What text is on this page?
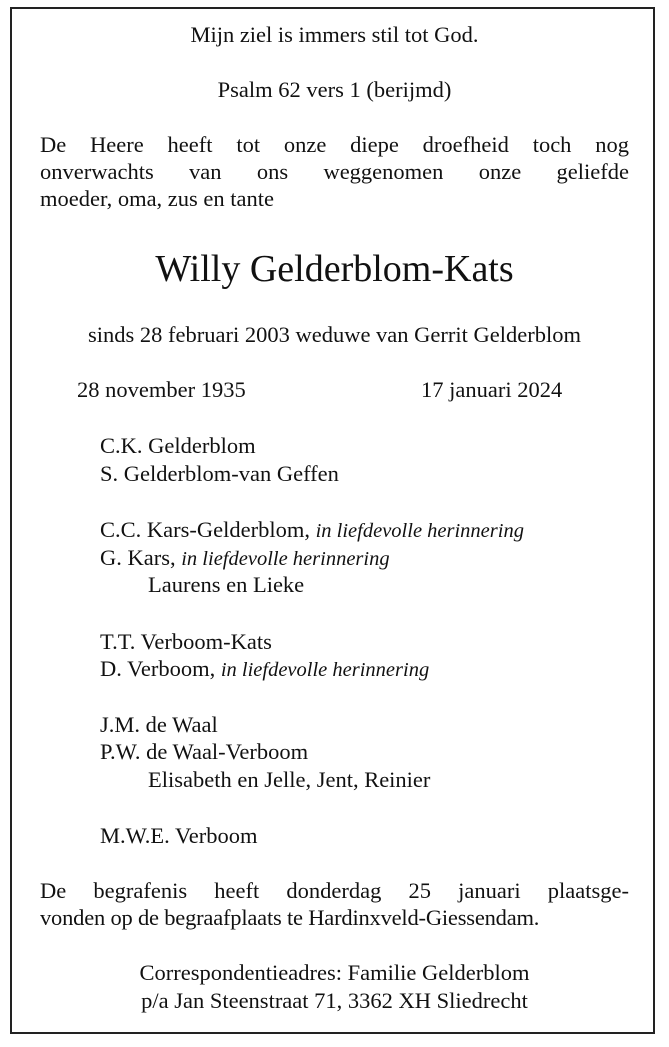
Mijn ziel is immers stil tot God.
Psalm 62 vers 1 (berijmd)
De Heere heeft tot onze diepe droefheid toch nog
onverwachts van ons weggenomen onze geliefde
moeder, oma, zus en tante
Willy Gelderblom-Kats
sinds 28 februari 2003 weduwe van Gerrit Gelderblom
28 november 1935	17 januari 2024
C.K. Gelderblom
S. Gelderblom-van Geffen
C.C. Kars-Gelderblom, in liefdevolle herinnering
G. Kars, in liefdevolle herinnering
Laurens en Lieke
T.T. Verboom-Kats
D. Verboom, in liefdevolle herinnering
J.M. de Waal
P.W. de Waal-Verboom
Elisabeth en Jelle, Jent, Reinier
M.W.E. Verboom
De begrafenis heeft donderdag 25 januari plaatsge-
vonden op de begraafplaats te Hardinxveld-Giessendam.
Correspondentieadres: Familie Gelderblom
p/a Jan Steenstraat 71, 3362 XH Sliedrecht
